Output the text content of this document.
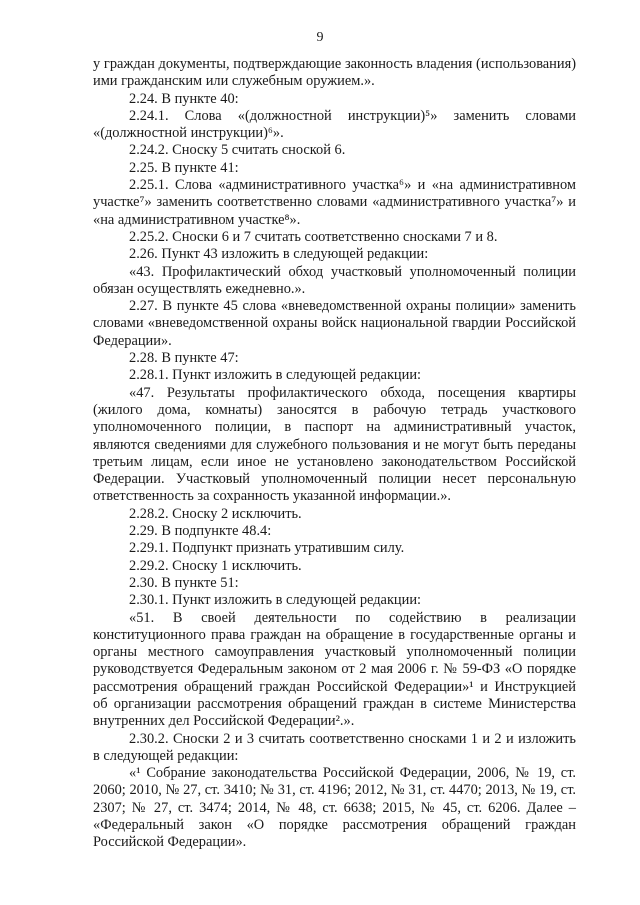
9

у граждан документы, подтверждающие законность владения (использования) ими гражданским или служебным оружием.».

2.24. В пункте 40:

2.24.1. Слова «(должностной инструкции)⁵» заменить словами «(должностной инструкции)⁶».

2.24.2. Сноску 5 считать сноской 6.

2.25. В пункте 41:

2.25.1. Слова «административного участка⁶» и «на административном участке⁷» заменить соответственно словами «административного участка⁷» и «на административном участке⁸».

2.25.2. Сноски 6 и 7 считать соответственно сносками 7 и 8.

2.26. Пункт 43 изложить в следующей редакции:

«43. Профилактический обход участковый уполномоченный полиции обязан осуществлять ежедневно.».

2.27. В пункте 45 слова «вневедомственной охраны полиции» заменить словами «вневедомственной охраны войск национальной гвардии Российской Федерации».

2.28. В пункте 47:

2.28.1. Пункт изложить в следующей редакции:

«47. Результаты профилактического обхода, посещения квартиры (жилого дома, комнаты) заносятся в рабочую тетрадь участкового уполномоченного полиции, в паспорт на административный участок, являются сведениями для служебного пользования и не могут быть переданы третьим лицам, если иное не установлено законодательством Российской Федерации. Участковый уполномоченный полиции несет персональную ответственность за сохранность указанной информации.».

2.28.2. Сноску 2 исключить.

2.29. В подпункте 48.4:

2.29.1. Подпункт признать утратившим силу.

2.29.2. Сноску 1 исключить.

2.30. В пункте 51:

2.30.1. Пункт изложить в следующей редакции:

«51. В своей деятельности по содействию в реализации конституционного права граждан на обращение в государственные органы и органы местного самоуправления участковый уполномоченный полиции руководствуется Федеральным законом от 2 мая 2006 г. № 59-ФЗ «О порядке рассмотрения обращений граждан Российской Федерации»¹ и Инструкцией об организации рассмотрения обращений граждан в системе Министерства внутренних дел Российской Федерации².».

2.30.2. Сноски 2 и 3 считать соответственно сносками 1 и 2 и изложить в следующей редакции:

«¹ Собрание законодательства Российской Федерации, 2006, № 19, ст. 2060; 2010, № 27, ст. 3410; № 31, ст. 4196; 2012, № 31, ст. 4470; 2013, № 19, ст. 2307; № 27, ст. 3474; 2014, № 48, ст. 6638; 2015, № 45, ст. 6206. Далее – «Федеральный закон «О порядке рассмотрения обращений граждан Российской Федерации».
